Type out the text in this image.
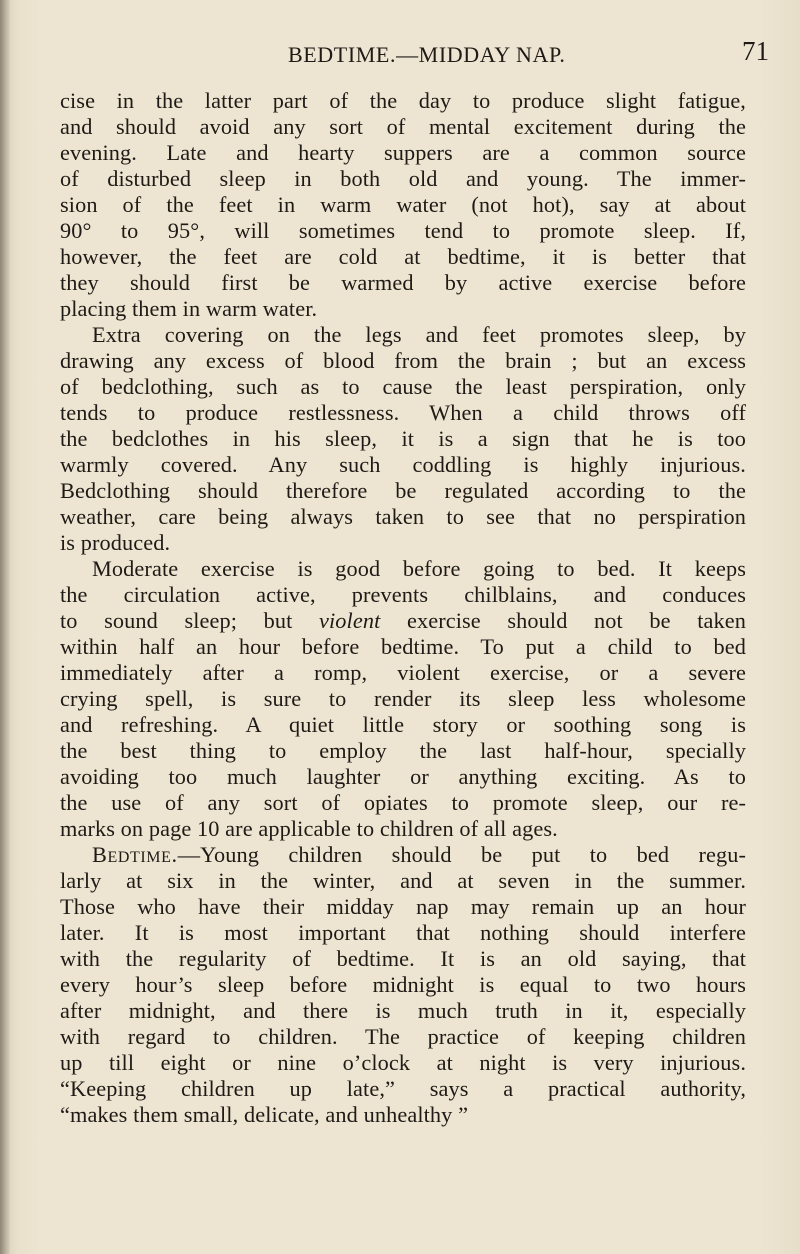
BEDTIME.—MIDDAY NAP.	71
cise in the latter part of the day to produce slight fatigue,
and should avoid any sort of mental excitement during the
evening. Late and hearty suppers are a common source
of disturbed sleep in both old and young. The immer-
sion of the feet in warm water (not hot), say at about
90° to 95°, will sometimes tend to promote sleep. If,
however, the feet are cold at bedtime, it is better that
they should first be warmed by active exercise before
placing them in warm water.
Extra covering on the legs and feet promotes sleep, by
drawing any excess of blood from the brain ; but an excess
of bedclothing, such as to cause the least perspiration, only
tends to produce restlessness. When a child throws off
the bedclothes in his sleep, it is a sign that he is too
warmly covered. Any such coddling is highly injurious.
Bedclothing should therefore be regulated according to the
weather, care being always taken to see that no perspiration
is produced.
Moderate exercise is good before going to bed. It keeps
the circulation active, prevents chilblains, and conduces
to sound sleep; but violent exercise should not be taken
within half an hour before bedtime. To put a child to bed
immediately after a romp, violent exercise, or a severe
crying spell, is sure to render its sleep less wholesome
and refreshing. A quiet little story or soothing song is
the best thing to employ the last half-hour, specially
avoiding too much laughter or anything exciting. As to
the use of any sort of opiates to promote sleep, our re-
marks on page 10 are applicable to children of all ages.
Bedtime.—Young children should be put to bed regu-
larly at six in the winter, and at seven in the summer.
Those who have their midday nap may remain up an hour
later. It is most important that nothing should interfere
with the regularity of bedtime. It is an old saying, that
every hour’s sleep before midnight is equal to two hours
after midnight, and there is much truth in it, especially
with regard to children. The practice of keeping children
up till eight or nine o’clock at night is very injurious.
“Keeping children up late,” says a practical authority,
“makes them small, delicate, and unhealthy ”
